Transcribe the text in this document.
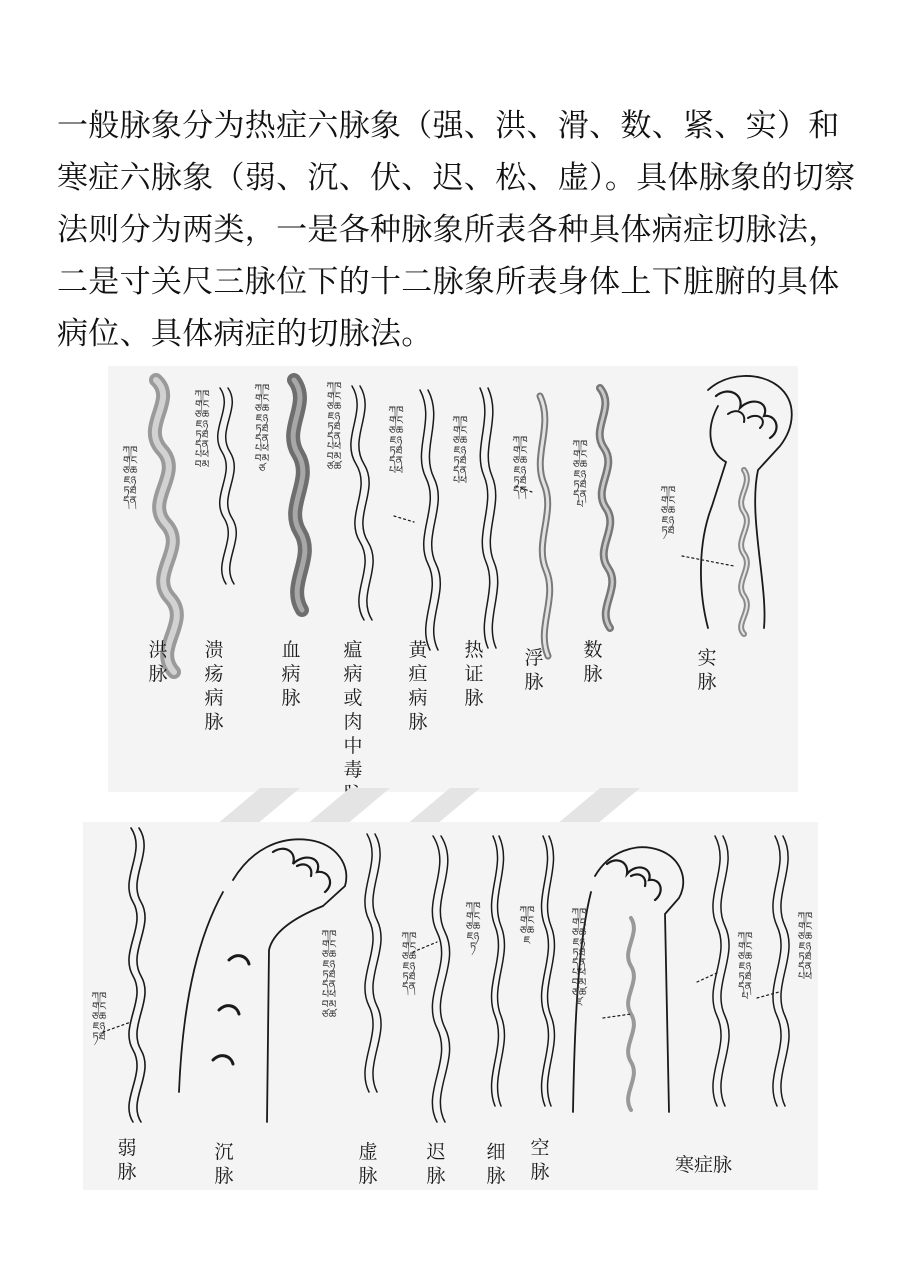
一般脉象分为热症六脉象（强、洪、滑、数、紧、实）和寒症六脉象（弱、沉、伏、迟、松、虚）。具体脉象的切察法则分为两类，一是各种脉象所表各种具体病症切脉法，二是寸关尺三脉位下的十二脉象所表身体上下脏腑的具体病位、具体病症的切脉法。

ཀཁགངཅཆཇཉཏཐདན
ཀཁགངཅཆཇཉཏཐདནཔཕབམ
ཀཁགངཅཆཇཉཏཐདནཔཕབམཙ
ཀཁགངཅཆཇཉཏཐདནཔཕབམཙཚ
ཀཁགངཅཆཇཉཏཐདནཔཕ
ཀཁགངཅཆཇཉཏཐདནཔཕ
ཀཁགངཅཆཇཉཏཐདན
ཀཁགངཅཆཇཉཏཐདནཔ
ཀཁགངཅཆཇཉཏཐ
洪脉
溃疡病脉
血病脉
瘟病或肉中毒
黄疸病脉
热证脉
浮脉
数脉
实脉
ཀཁགངཅཆཇཉཏཐ
ཀཁགངཅཆཇཉཏཐདནཔཕབམཙཚ
ཀཁགངཅཆཇཉཏཐདན
ཀཁགངཅཆཇཉཏ
ཀཁགངཅཆཇ
ཀཁགངཅཆཇཉཏཐདནཔཕབམཙཚཛ
ཀཁགངཅཆཇཉཏཐདནཔ
ཀཁགངཅཆཇཉཏཐདནཔཕ
弱脉
沉脉
虚脉
迟脉
细脉
空脉	寒症脉
